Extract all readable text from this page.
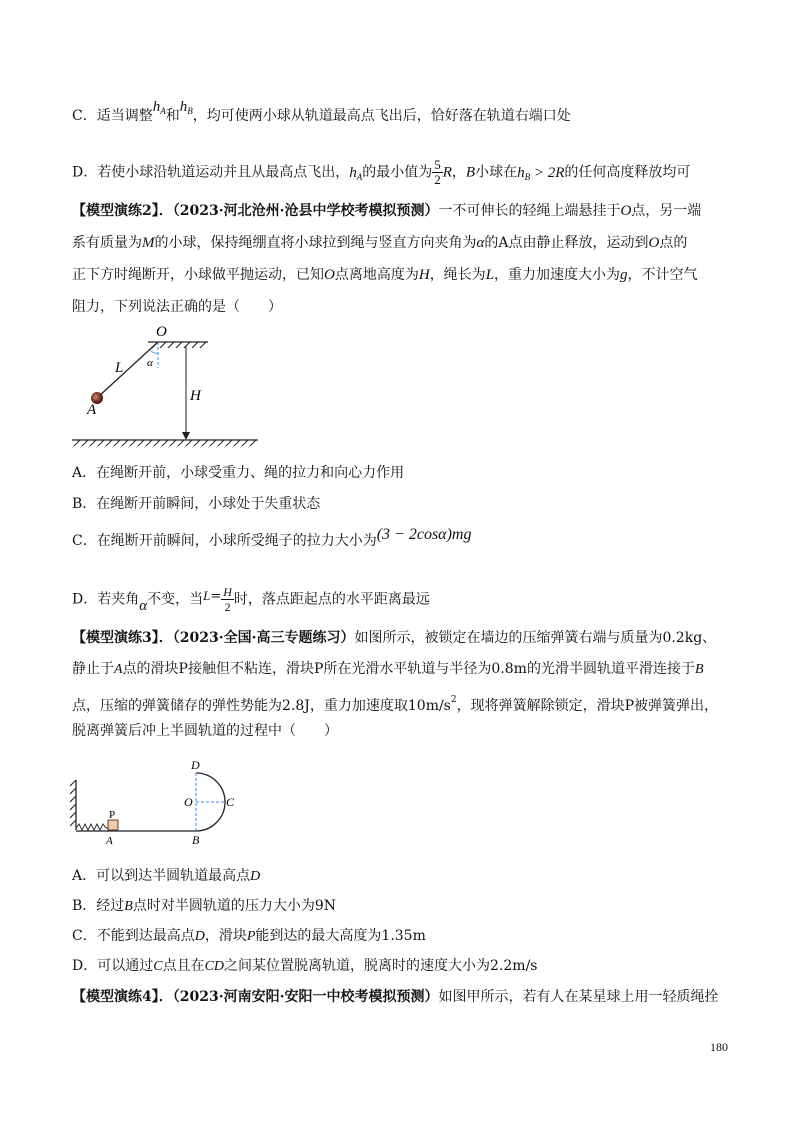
C．适当调整$h_A$和$h_B$，均可使两小球从轨道最高点飞出后，恰好落在轨道右端口处
D．若使小球沿轨道运动并且从最高点飞出，$h_A$的最小值为 $\frac{5}{2}$ R，B小球在$h_B > 2R$的任何高度释放均可
【模型演练2】．（2023·河北沧州·沧县中学校考模拟预测）一不可伸长的轻绳上端悬挂于O点，另一端
系有质量为M的小球，保持绳绷直将小球拉到绳与竖直方向夹角为α的A点由静止释放，运动到O点的
正下方时绳断开，小球做平抛运动，已知O点离地高度为H，绳长为L，重力加速度大小为g，不计空气
阻力，下列说法正确的是（　　）
O
α
L
A
H
A．在绳断开前，小球受重力、绳的拉力和向心力作用
B．在绳断开前瞬间，小球处于失重状态
C．在绳断开前瞬间，小球所受绳子的拉力大小为(3 − 2cosα)mg
D．若夹角α不变，当$L= \frac{H}{2}$ 时，落点距起点的水平距离最远
【模型演练3】．（2023·全国·高三专题练习）如图所示，被锁定在墙边的压缩弹簧右端与质量为0.2kg、
静止于A点的滑块P接触但不粘连，滑块P所在光滑水平轨道与半径为0.8m的光滑半圆轨道平滑连接于B
点，压缩的弹簧储存的弹性势能为2.8J，重力加速度取$10m/s^2$，现将弹簧解除锁定，滑块P被弹簧弹出，
脱离弹簧后冲上半圆轨道的过程中（　　）
P
A	B
D
O	C
A．可以到达半圆轨道最高点D
B．经过B点时对半圆轨道的压力大小为9N
C．不能到达最高点D，滑块P能到达的最大高度为1.35m
D．可以通过C点且在CD之间某位置脱离轨道，脱离时的速度大小为2.2m/s
【模型演练4】．（2023·河南安阳·安阳一中校考模拟预测）如图甲所示，若有人在某星球上用一轻质绳拴
180
